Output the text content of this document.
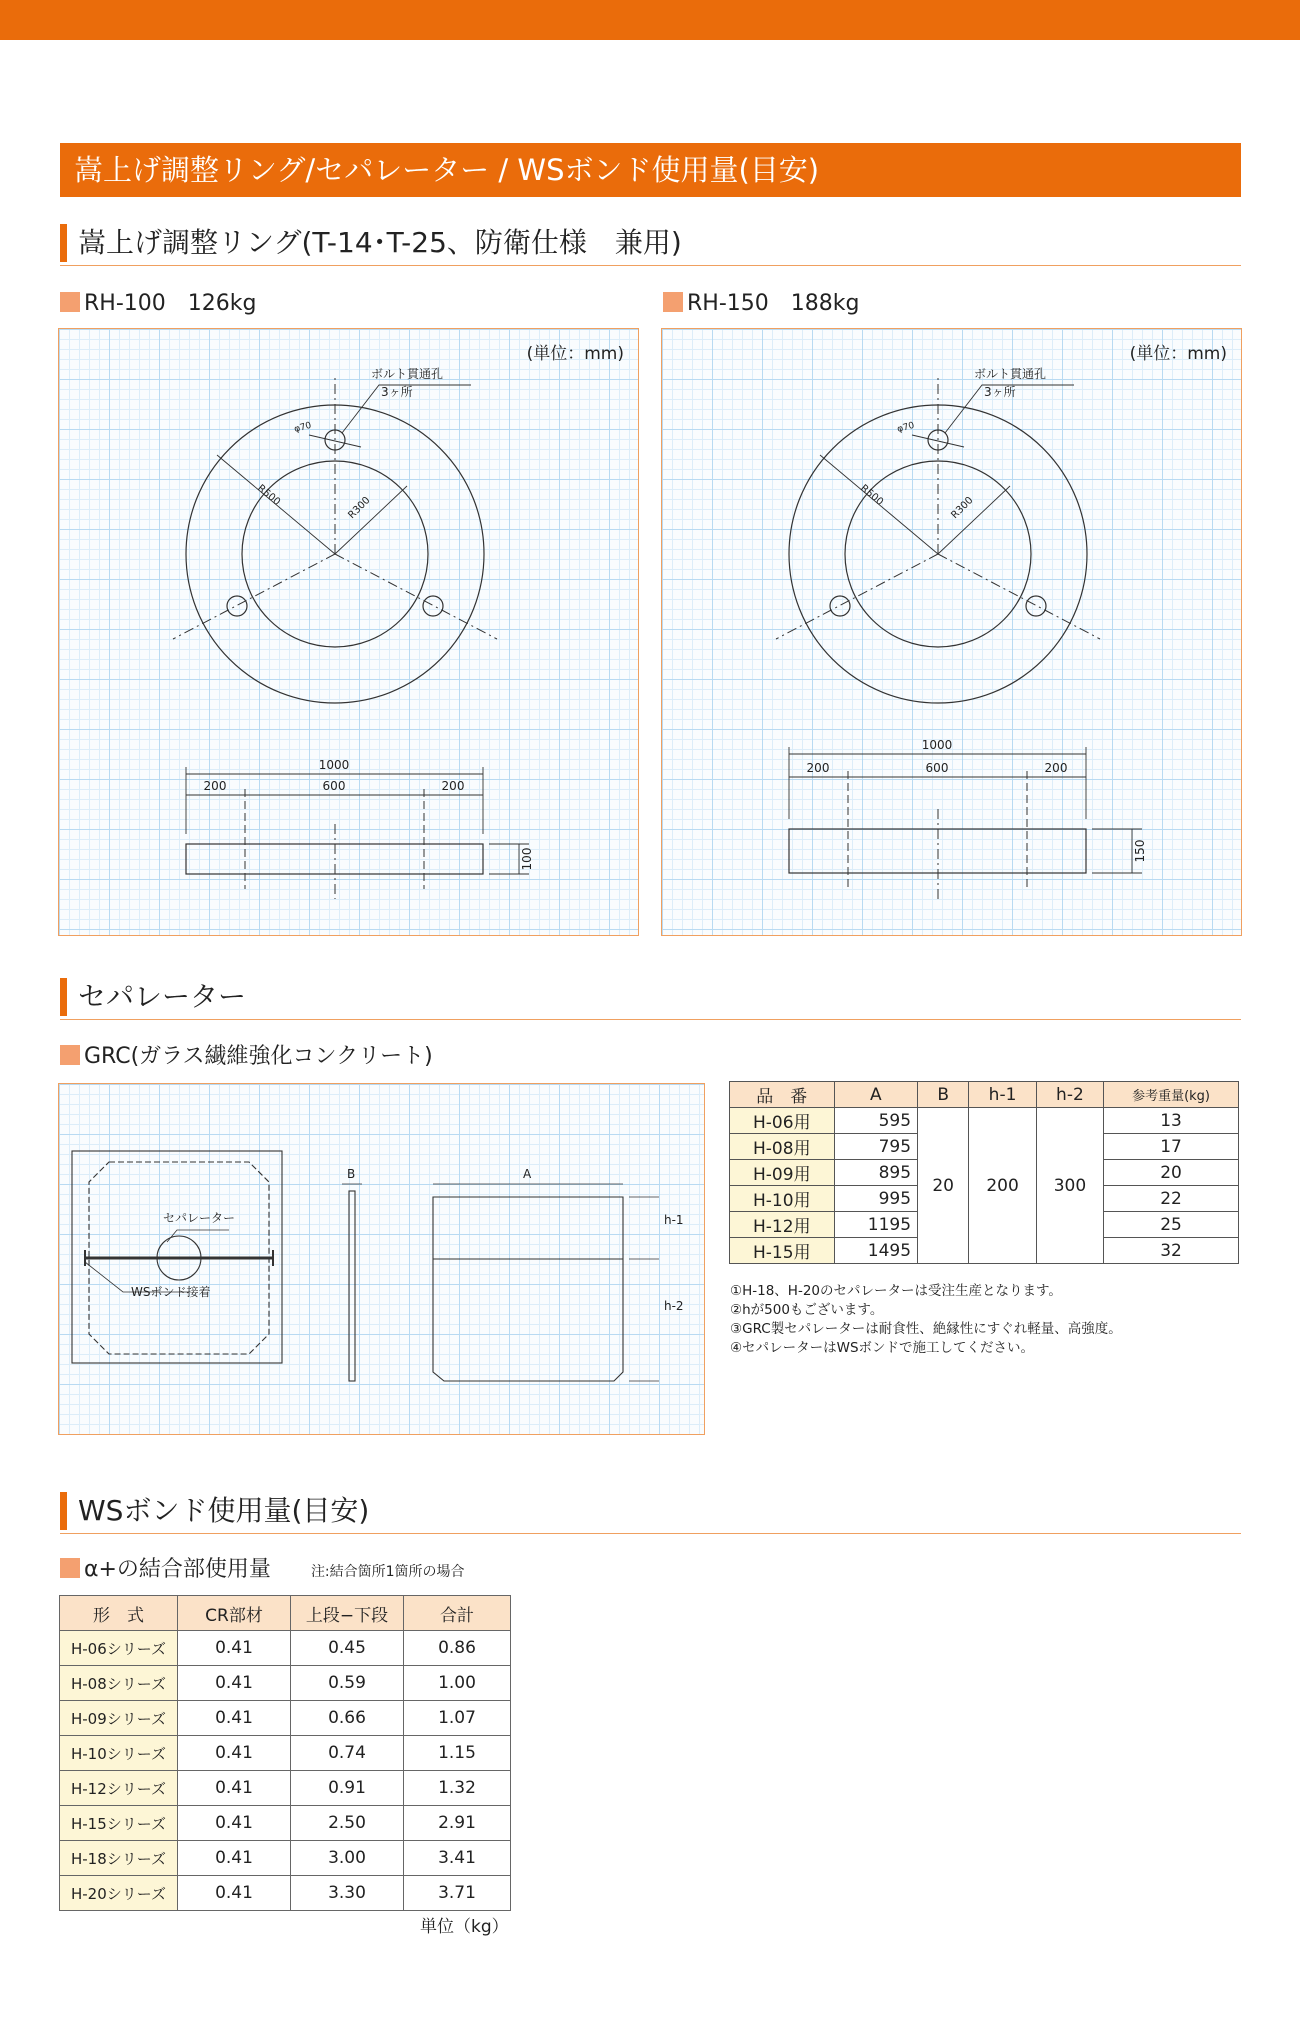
嵩上げ調整リング/セパレーター / WSボンド使用量(目安)
嵩上げ調整リング(T-14･T-25、防衛仕様　兼用)
RH-100　126kg	RH-150　188kg
(単位：mm)
ボルト貫通孔
3ヶ所
φ70
R500	R300
1000
200	600	200
100
(単位：mm)
ボルト貫通孔
3ヶ所
φ70
R500	R300
1000
200	600	200
150
セパレーター
GRC(ガラス繊維強化コンクリート)
セパレーター
WSボンド接着
B	A
h-1
h-2
品　番	A	B	h-1	h-2	参考重量(kg)
H-06用	595	20	200	300	13
H-08用	795				17
H-09用	895				20
H-10用	995				22
H-12用	1195				25
H-15用	1495				32
①H-18、H-20のセパレーターは受注生産となります。
②hが500もございます。
③GRC製セパレーターは耐食性、絶縁性にすぐれ軽量、高強度。
④セパレーターはWSボンドで施工してください。
WSボンド使用量(目安)
α+の結合部使用量	注:結合箇所1箇所の場合
形　式	CR部材	上段−下段	合計
H-06シリーズ	0.41	0.45	0.86
H-08シリーズ	0.41	0.59	1.00
H-09シリーズ	0.41	0.66	1.07
H-10シリーズ	0.41	0.74	1.15
H-12シリーズ	0.41	0.91	1.32
H-15シリーズ	0.41	2.50	2.91
H-18シリーズ	0.41	3.00	3.41
H-20シリーズ	0.41	3.30	3.71
単位（kg）
